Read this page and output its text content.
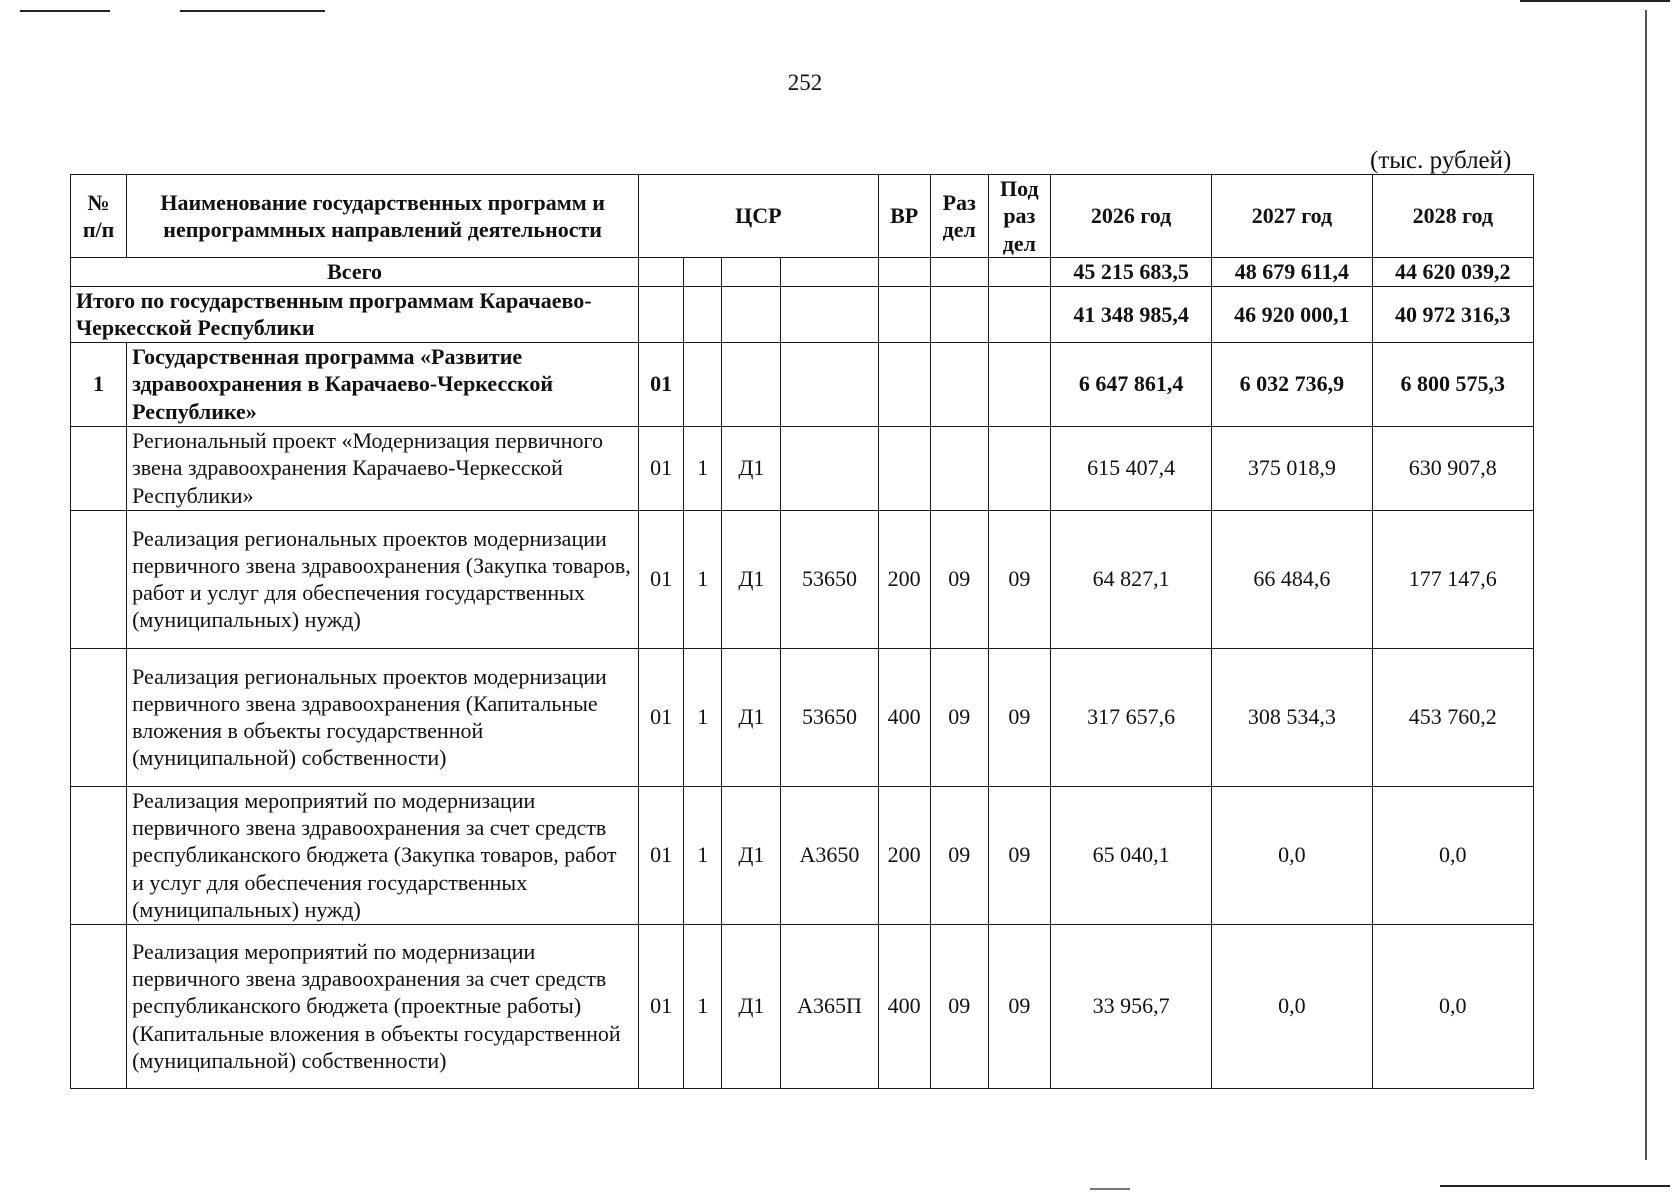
252
(тыс. рублей)
№ п/п	Наименование государственных программ и непрограммных направлений деятельности	ЦСР				ВР	Раз дел	Под раз дел	2026 год	2027 год	2028 год
Всего									45 215 683,5	48 679 611,4	44 620 039,2
Итого по государственным программам Карачаево-Черкесской Республики									41 348 985,4	46 920 000,1	40 972 316,3
1	Государственная программа «Развитие здравоохранения в Карачаево-Черкесской Республике»	01							6 647 861,4	6 032 736,9	6 800 575,3
	Региональный проект «Модернизация первичного звена здравоохранения Карачаево-Черкесской Республики»	01	1	Д1					615 407,4	375 018,9	630 907,8
	Реализация региональных проектов модернизации первичного звена здравоохранения (Закупка товаров, работ и услуг для обеспечения государственных (муниципальных) нужд)	01	1	Д1	53650	200	09	09	64 827,1	66 484,6	177 147,6
	Реализация региональных проектов модернизации первичного звена здравоохранения (Капитальные вложения в объекты государственной (муниципальной) собственности)	01	1	Д1	53650	400	09	09	317 657,6	308 534,3	453 760,2
	Реализация мероприятий по модернизации первичного звена здравоохранения за счет средств республиканского бюджета (Закупка товаров, работ и услуг для обеспечения государственных (муниципальных) нужд)	01	1	Д1	А3650	200	09	09	65 040,1	0,0	0,0
	Реализация мероприятий по модернизации первичного звена здравоохранения за счет средств республиканского бюджета (проектные работы) (Капитальные вложения в объекты государственной (муниципальной) собственности)	01	1	Д1	А365П	400	09	09	33 956,7	0,0	0,0
